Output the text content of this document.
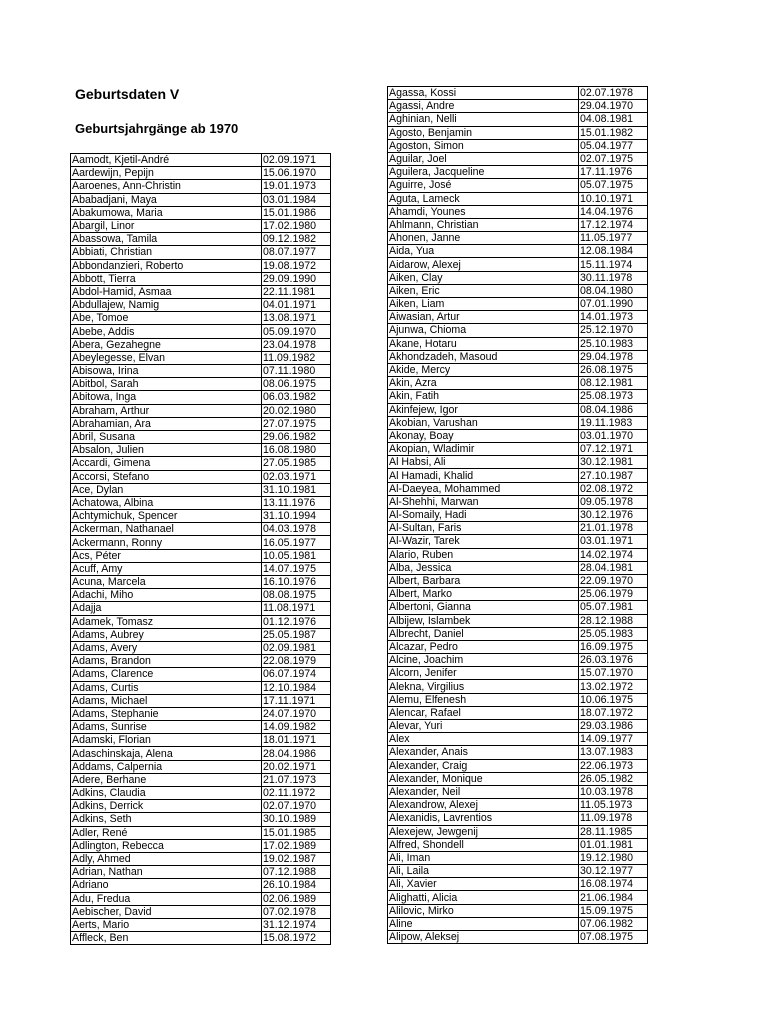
Geburtsdaten V
Geburtsjahrgänge ab 1970
Aamodt, Kjetil-André	02.09.1971
Aardewijn, Pepijn	15.06.1970
Aaroenes, Ann-Christin	19.01.1973
Ababadjani, Maya	03.01.1984
Abakumowa, Maria	15.01.1986
Abargil, Linor	17.02.1980
Abassowa, Tamila	09.12.1982
Abbiati, Christian	08.07.1977
Abbondanzieri, Roberto	19.08.1972
Abbott, Tierra	29.09.1990
Abdol-Hamid, Asmaa	22.11.1981
Abdullajew, Namig	04.01.1971
Abe, Tomoe	13.08.1971
Abebe, Addis	05.09.1970
Abera, Gezahegne	23.04.1978
Abeylegesse, Elvan	11.09.1982
Abisowa, Irina	07.11.1980
Abitbol, Sarah	08.06.1975
Abitowa, Inga	06.03.1982
Abraham, Arthur	20.02.1980
Abrahamian, Ara	27.07.1975
Abril, Susana	29.06.1982
Absalon, Julien	16.08.1980
Accardi, Gimena	27.05.1985
Accorsi, Stefano	02.03.1971
Ace, Dylan	31.10.1981
Achatowa, Albina	13.11.1976
Achtymichuk, Spencer	31.10.1994
Ackerman, Nathanael	04.03.1978
Ackermann, Ronny	16.05.1977
Acs, Péter	10.05.1981
Acuff, Amy	14.07.1975
Acuna, Marcela	16.10.1976
Adachi, Miho	08.08.1975
Adajja	11.08.1971
Adamek, Tomasz	01.12.1976
Adams, Aubrey	25.05.1987
Adams, Avery	02.09.1981
Adams, Brandon	22.08.1979
Adams, Clarence	06.07.1974
Adams, Curtis	12.10.1984
Adams, Michael	17.11.1971
Adams, Stephanie	24.07.1970
Adams, Sunrise	14.09.1982
Adamski, Florian	18.01.1971
Adaschinskaja, Alena	28.04.1986
Addams, Calpernia	20.02.1971
Adere, Berhane	21.07.1973
Adkins, Claudia	02.11.1972
Adkins, Derrick	02.07.1970
Adkins, Seth	30.10.1989
Adler, René	15.01.1985
Adlington, Rebecca	17.02.1989
Adly, Ahmed	19.02.1987
Adrian, Nathan	07.12.1988
Adriano	26.10.1984
Adu, Fredua	02.06.1989
Aebischer, David	07.02.1978
Aerts, Mario	31.12.1974
Affleck, Ben	15.08.1972
Agassa, Kossi	02.07.1978
Agassi, Andre	29.04.1970
Aghinian, Nelli	04.08.1981
Agosto, Benjamin	15.01.1982
Agoston, Simon	05.04.1977
Aguilar, Joel	02.07.1975
Aguilera, Jacqueline	17.11.1976
Aguirre, José	05.07.1975
Aguta, Lameck	10.10.1971
Ahamdi, Younes	14.04.1976
Ahlmann, Christian	17.12.1974
Ahonen, Janne	11.05.1977
Aida, Yua	12.08.1984
Aidarow, Alexej	15.11.1974
Aiken, Clay	30.11.1978
Aiken, Eric	08.04.1980
Aiken, Liam	07.01.1990
Aiwasian, Artur	14.01.1973
Ajunwa, Chioma	25.12.1970
Akane, Hotaru	25.10.1983
Akhondzadeh, Masoud	29.04.1978
Akide, Mercy	26.08.1975
Akin, Azra	08.12.1981
Akin, Fatih	25.08.1973
Akinfejew, Igor	08.04.1986
Akobian, Varushan	19.11.1983
Akonay, Boay	03.01.1970
Akopian, Wladimir	07.12.1971
Al Habsi, Ali	30.12.1981
Al Hamadi, Khalid	27.10.1987
Al-Daeyea, Mohammed	02.08.1972
Al-Shehhi, Marwan	09.05.1978
Al-Somaily, Hadi	30.12.1976
Al-Sultan, Faris	21.01.1978
Al-Wazir, Tarek	03.01.1971
Alario, Ruben	14.02.1974
Alba, Jessica	28.04.1981
Albert, Barbara	22.09.1970
Albert, Marko	25.06.1979
Albertoni, Gianna	05.07.1981
Albijew, Islambek	28.12.1988
Albrecht, Daniel	25.05.1983
Alcazar, Pedro	16.09.1975
Alcine, Joachim	26.03.1976
Alcorn, Jenifer	15.07.1970
Alekna, Virgilius	13.02.1972
Alemu, Elfenesh	10.06.1975
Alencar, Rafael	18.07.1972
Alevar, Yuri	29.03.1986
Alex	14.09.1977
Alexander, Anais	13.07.1983
Alexander, Craig	22.06.1973
Alexander, Monique	26.05.1982
Alexander, Neil	10.03.1978
Alexandrow, Alexej	11.05.1973
Alexanidis, Lavrentios	11.09.1978
Alexejew, Jewgenij	28.11.1985
Alfred, Shondell	01.01.1981
Ali, Iman	19.12.1980
Ali, Laila	30.12.1977
Ali, Xavier	16.08.1974
Alighatti, Alicia	21.06.1984
Alilovic, Mirko	15.09.1975
Aline	07.06.1982
Alipow, Aleksej	07.08.1975
